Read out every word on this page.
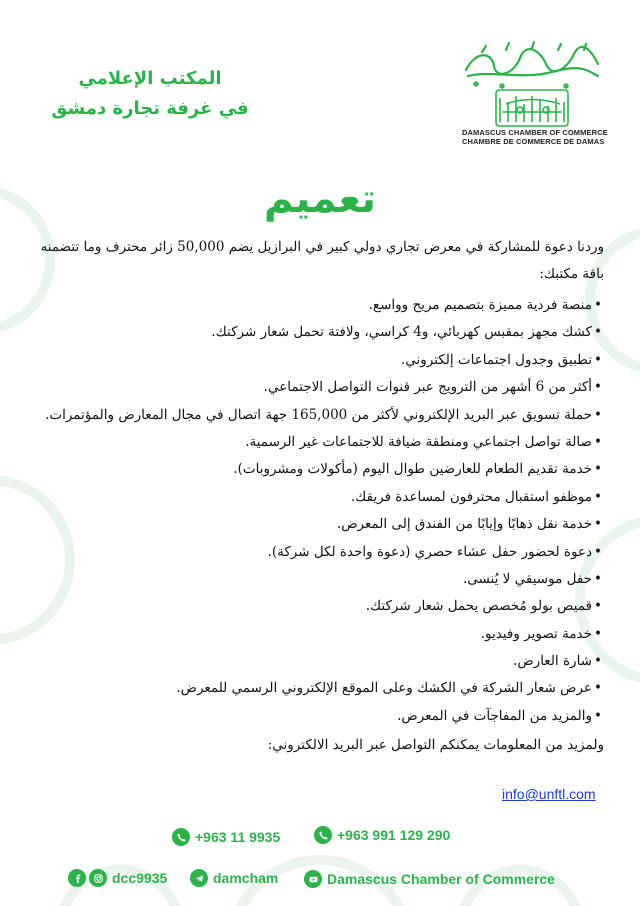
DAMASCUS CHAMBER OF COMMERCE
CHAMBRE DE COMMERCE DE DAMAS
المكتب الإعلامي
في غرفة تجارة دمشق
تعميم

وردنا دعوة للمشاركة في معرض تجاري دولي كبير في البرازيل يضم 50,000 زائر محترف وما تتضمنه باقة مكتبك:

•منصة فردية مميزة بتصميم مريح وواسع.
•كشك مجهز بمقبس كهربائي، و4 كراسي، ولافتة تحمل شعار شركتك.
•تطبيق وجدول اجتماعات إلكتروني.
•أكثر من 6 أشهر من الترويج عبر قنوات التواصل الاجتماعي.
•حملة تسويق عبر البريد الإلكتروني لأكثر من 165,000 جهة اتصال في مجال المعارض والمؤتمرات.
•صالة تواصل اجتماعي ومنطقة ضيافة للاجتماعات غير الرسمية.
•خدمة تقديم الطعام للعارضين طوال اليوم (مأكولات ومشروبات).
•موظفو استقبال محترفون لمساعدة فريقك.
•خدمة نقل ذهابًا وإيابًا من الفندق إلى المعرض.
•دعوة لحضور حفل عشاء حصري (دعوة واحدة لكل شركة).
•حفل موسيقي لا يُنسى.
•قميص بولو مُخصص يحمل شعار شركتك.
•خدمة تصوير وفيديو.
•شارة العارض.
•عرض شعار الشركة في الكشك وعلى الموقع الإلكتروني الرسمي للمعرض.
•والمزيد من المفاجآت في المعرض.

ولمزيد من المعلومات يمكنكم التواصل عبر البريد الالكتروني:

info@unftl.com
+963 991 129 290
+963 11 9935
dcc9935	damcham	Damascus Chamber of Commerce
